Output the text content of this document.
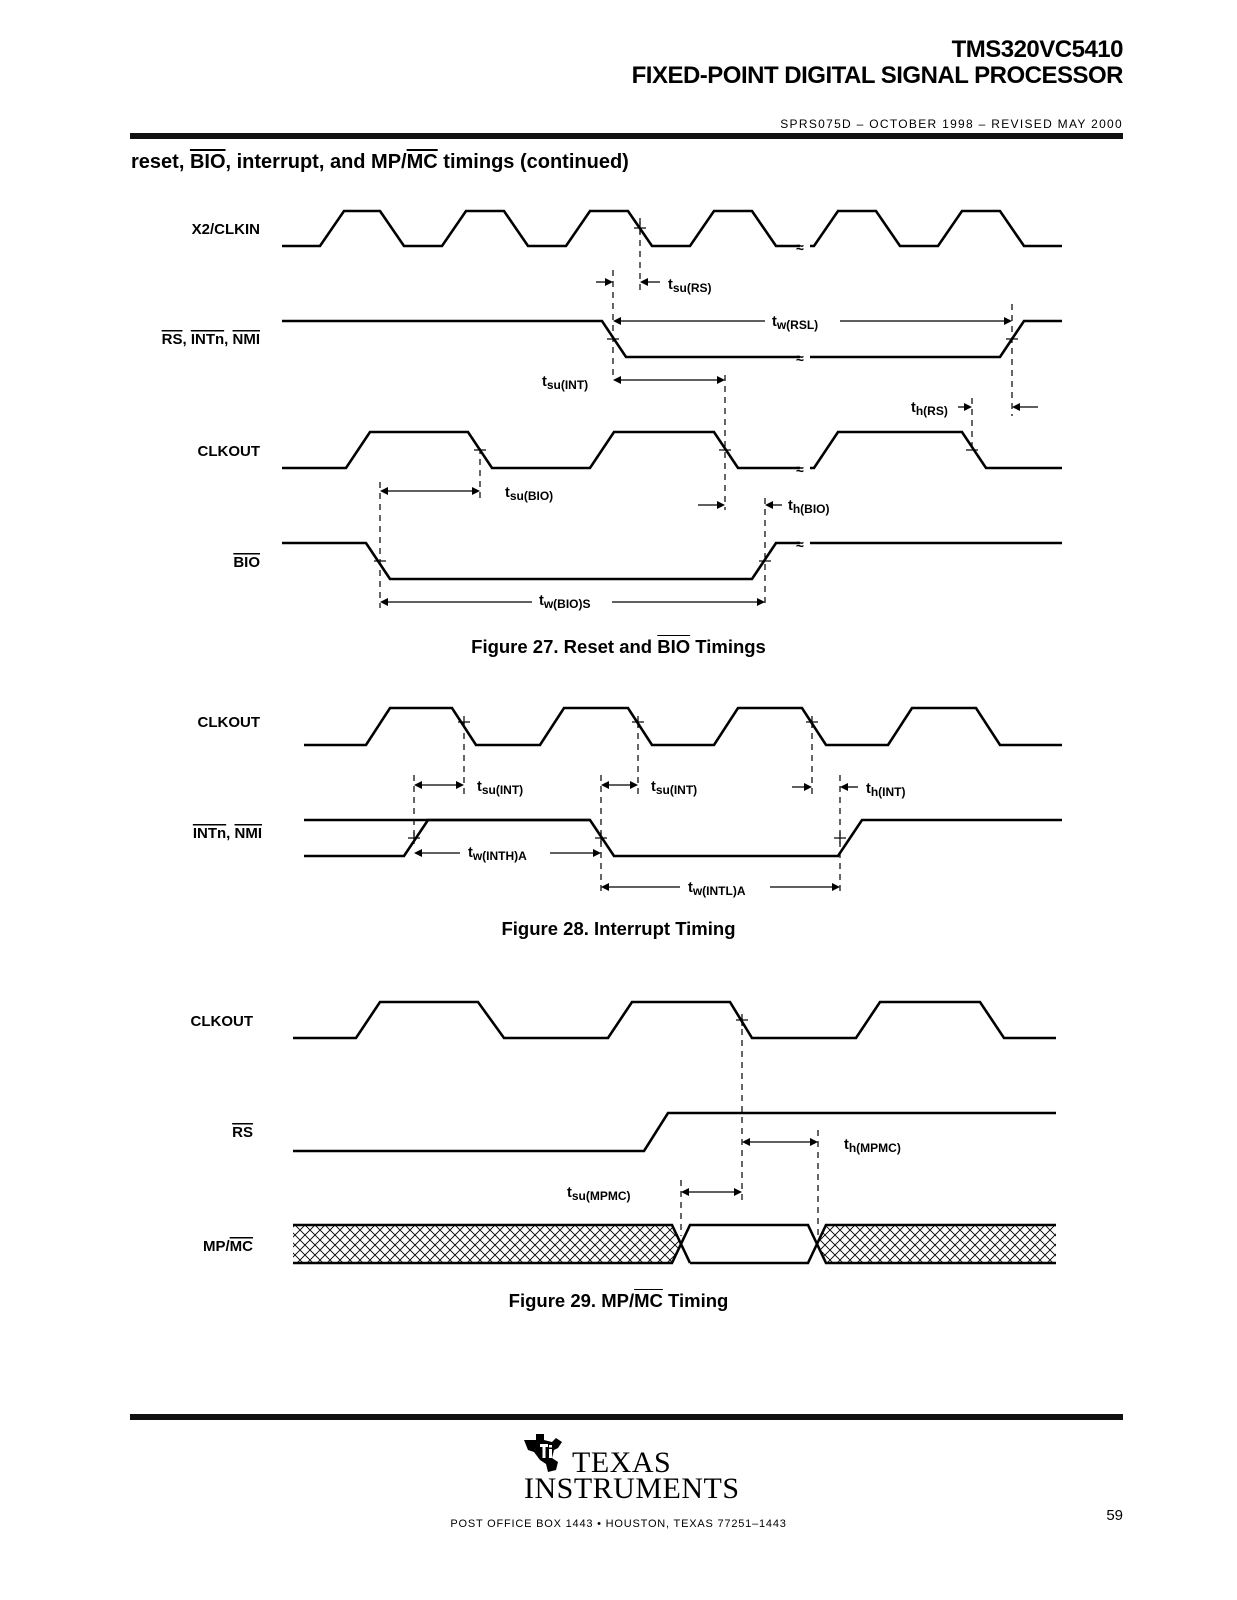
TMS320VC5410
FIXED-POINT DIGITAL SIGNAL PROCESSOR
SPRS075D – OCTOBER 1998 – REVISED MAY 2000
reset, $\overline{BIO}$, interrupt, and $MP/\overline{MC}$ timings (continued)
X2/CLKIN
RS, INTn, NMI
CLKOUT
BIO
≈
≈
≈
≈
$t_{su(RS)}$
$t_{w(RSL)}$
$t_{su(INT)}$
$t_{h(RS)}$
$t_{su(BIO)}$
$t_{h(BIO)}$
$t_{w(BIO)S}$
CLKOUT
INTn, NMI
$t_{su(INT)}$	$t_{su(INT)}$	$t_{h(INT)}$
$t_{w(INTH)A}$
$t_{w(INTL)A}$
CLKOUT
RS
MP/MC
$t_{h(MPMC)}$
$t_{su(MPMC)}$
Figure 27. Reset and $\overline{BIO}$ Timings
Figure 28. Interrupt Timing
Figure 29. $MP/\overline{MC}$ Timing
TEXAS
INSTRUMENTS
POST OFFICE BOX 1443 • HOUSTON, TEXAS 77251–1443	59
